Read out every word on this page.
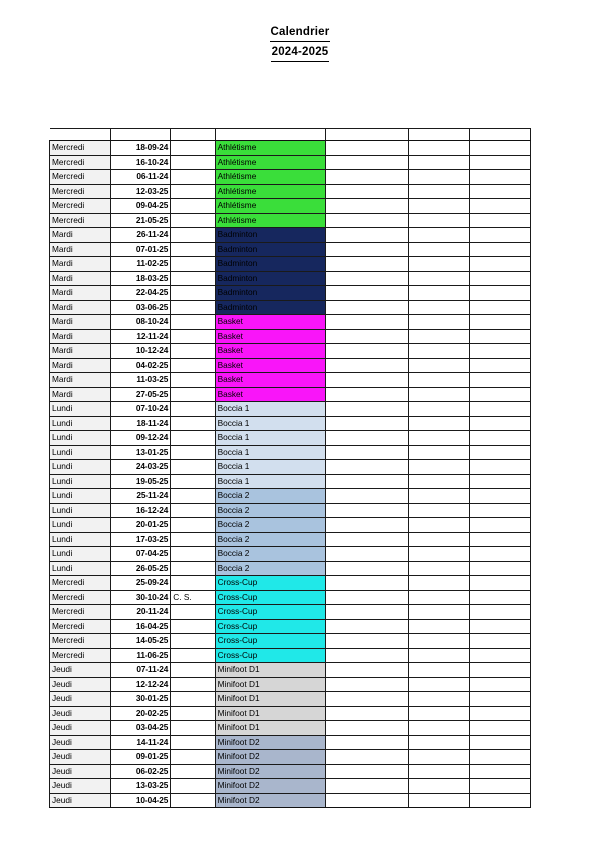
Calendrier
2024-2025

Mercredi	18-09-24		Athlétisme			
Mercredi	16-10-24		Athlétisme			
Mercredi	06-11-24		Athlétisme			
Mercredi	12-03-25		Athlétisme			
Mercredi	09-04-25		Athlétisme			
Mercredi	21-05-25		Athlétisme			
Mardi	26-11-24		Badminton			
Mardi	07-01-25		Badminton			
Mardi	11-02-25		Badminton			
Mardi	18-03-25		Badminton			
Mardi	22-04-25		Badminton			
Mardi	03-06-25		Badminton			
Mardi	08-10-24		Basket			
Mardi	12-11-24		Basket			
Mardi	10-12-24		Basket			
Mardi	04-02-25		Basket			
Mardi	11-03-25		Basket			
Mardi	27-05-25		Basket			
Lundi	07-10-24		Boccia 1			
Lundi	18-11-24		Boccia 1			
Lundi	09-12-24		Boccia 1			
Lundi	13-01-25		Boccia 1			
Lundi	24-03-25		Boccia 1			
Lundi	19-05-25		Boccia 1			
Lundi	25-11-24		Boccia 2			
Lundi	16-12-24		Boccia 2			
Lundi	20-01-25		Boccia 2			
Lundi	17-03-25		Boccia 2			
Lundi	07-04-25		Boccia 2			
Lundi	26-05-25		Boccia 2			
Mercredi	25-09-24		Cross-Cup			
Mercredi	30-10-24	C. S.	Cross-Cup			
Mercredi	20-11-24		Cross-Cup			
Mercredi	16-04-25		Cross-Cup			
Mercredi	14-05-25		Cross-Cup			
Mercredi	11-06-25		Cross-Cup			
Jeudi	07-11-24		Minifoot D1			
Jeudi	12-12-24		Minifoot D1			
Jeudi	30-01-25		Minifoot D1			
Jeudi	20-02-25		Minifoot D1			
Jeudi	03-04-25		Minifoot D1			
Jeudi	14-11-24		Minifoot D2			
Jeudi	09-01-25		Minifoot D2			
Jeudi	06-02-25		Minifoot D2			
Jeudi	13-03-25		Minifoot D2			
Jeudi	10-04-25		Minifoot D2			
